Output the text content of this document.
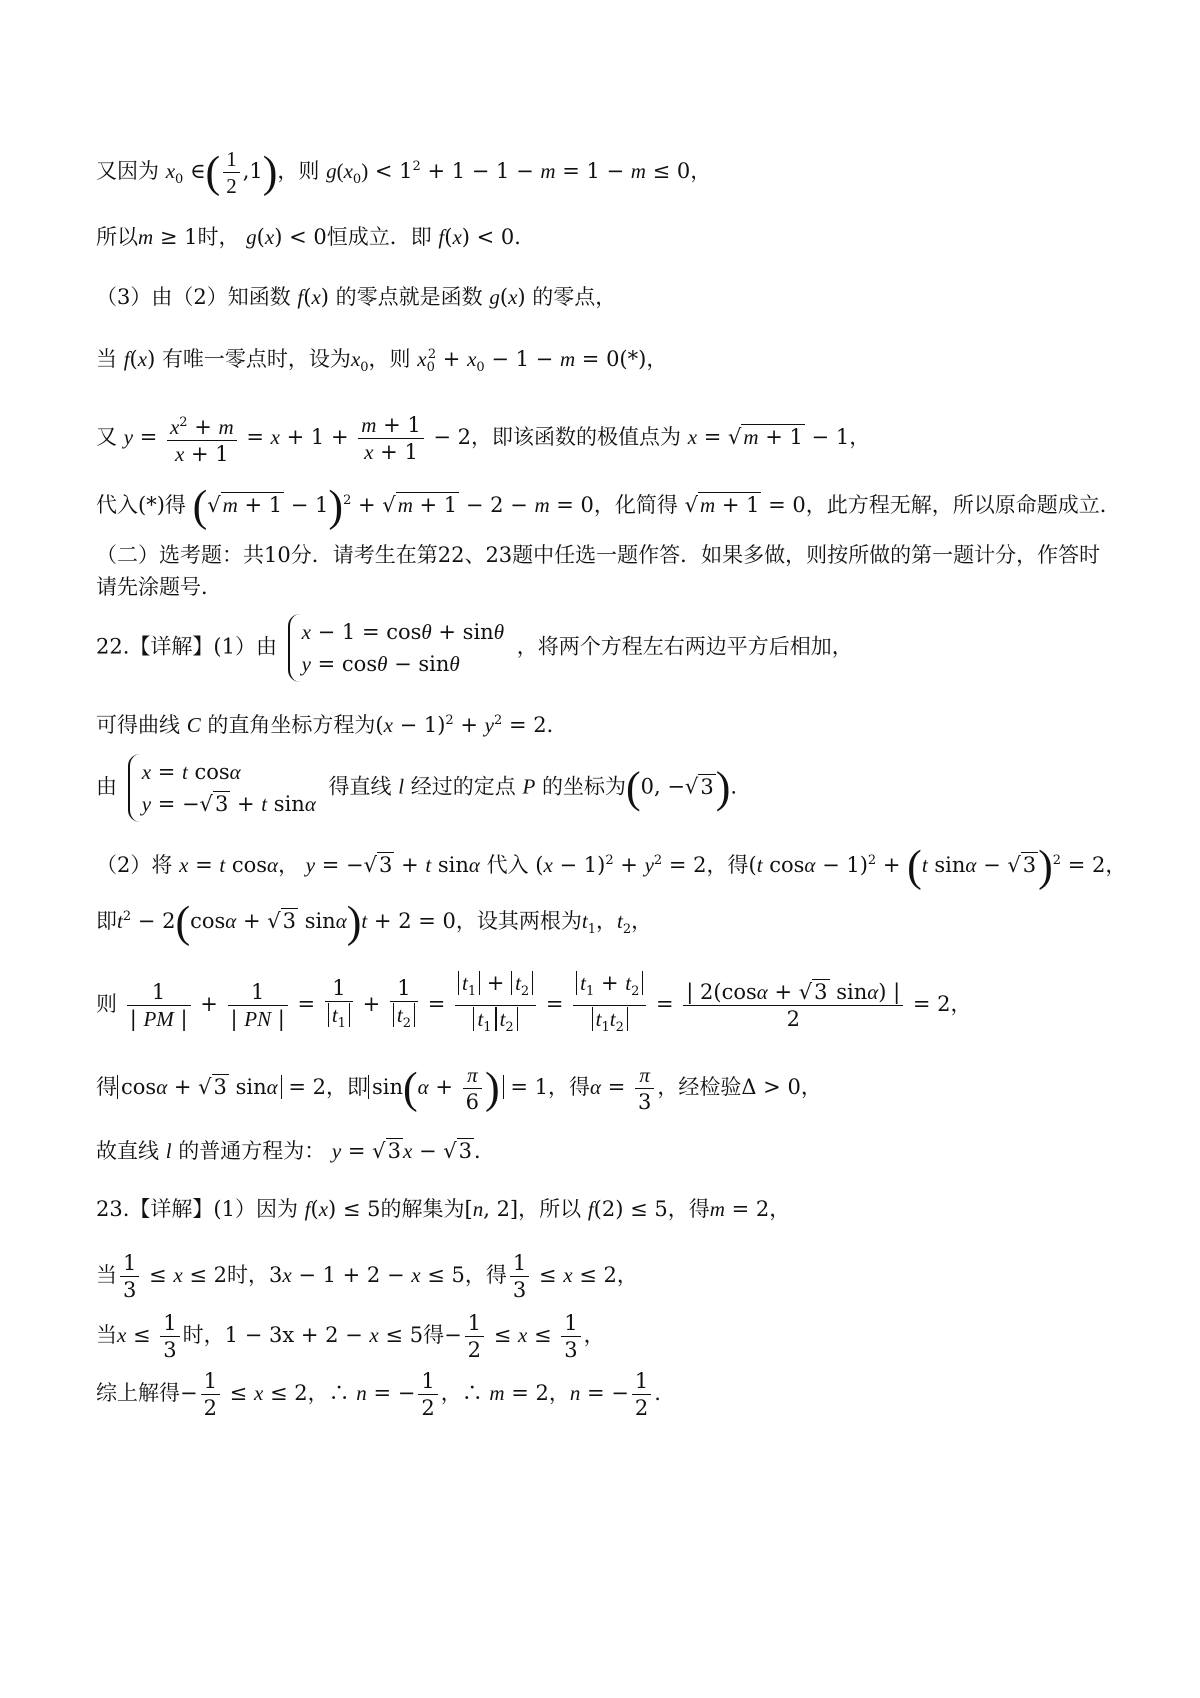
又因为 $x_0$ ∈( $\frac{1}{2} ,1$)，则 $g(x_0) < 1^2 + 1 - 1 - m = 1 - m \le 0$，
所以m ≥ 1时， g(x) < 0恒成立．即 f(x) < 0．
（3）由（2）知函数 f(x) 的零点就是函数 g(x) 的零点，
当 f(x) 有唯一零点时，设为$x_0$，则 $x_0^2 + x_0 - 1 - m = 0(*)$，
又 $y = \frac{x^2 + m}{x + 1} = x + 1 + \frac{m + 1}{x + 1} - 2$，即该函数的极值点为 x = √m + 1 − 1，
代入(*)得 $(√m + 1 - 1)^2 + √m + 1 - 2 - m = 0$，化简得 √m + 1 = 0，此方程无解，所以原命题成立．
（二）选考题：共10分．请考生在第22、23题中任选一题作答．如果多做，则按所做的第一题计分，作答时
请先涂题号．
22.【详解】(1）由
x − 1 = cosθ + sinθ
y = cosθ − sinθ
，将两个方程左右两边平方后相加，
可得曲线 C 的直角坐标方程为$(x - 1)^2 + y^2 = 2$．
由
x = t cosα
y = −√3 + t sinα
得直线 l 经过的定点 P 的坐标为(0, −√3).
（2）将 x = t cosα， y = −√3 + t sinα 代入 $(x - 1)^2 + y^2 = 2$，得(t cosα − 1)$^2$ + (t sinα − √3)$^2$ = 2，
即$t^2 - 2(\cos\alpha + √3$ sinα)t + 2 = 0，设其两根为$t_1$，$t_2$，
则 $\frac{1}{| PM |} + \frac{1}{| PN |} = \frac{1}{t_1} + \frac{1}{t_2} = \frac{t_1 + t_2}{t_1 t_2} = \frac{t_1 + t_2}{t_1t_2} = \frac{| 2(\cos\alpha + √3 \sin\alpha) |}{2} = 2$，
得 cosα + √3 sinα = 2，即 $\sin(\alpha + \frac{\pi}{6}$ ) = 1，得$\alpha = \frac{\pi}{3}$ ，经检验Δ > 0，
故直线 l 的普通方程为： y = √3x − √3．
23.【详解】(1）因为 f(x) ≤ 5的解集为[n, 2]，所以 f(2) ≤ 5，得m = 2，
当 $\frac{1}{3} \le x \le 2$时，3x − 1 + 2 − x ≤ 5，得 $\frac{1}{3} \le x \le 2$，
当$x \le \frac{1}{3}$ 时，1 − 3x + 2 − x ≤ 5得− $\frac{1}{2} \le x \le \frac{1}{3}$ ，
综上解得− $\frac{1}{2} \le x \le 2$，∴ n = − $\frac{1}{2}$ ，∴ m = 2，n = − $\frac{1}{2}$ .
